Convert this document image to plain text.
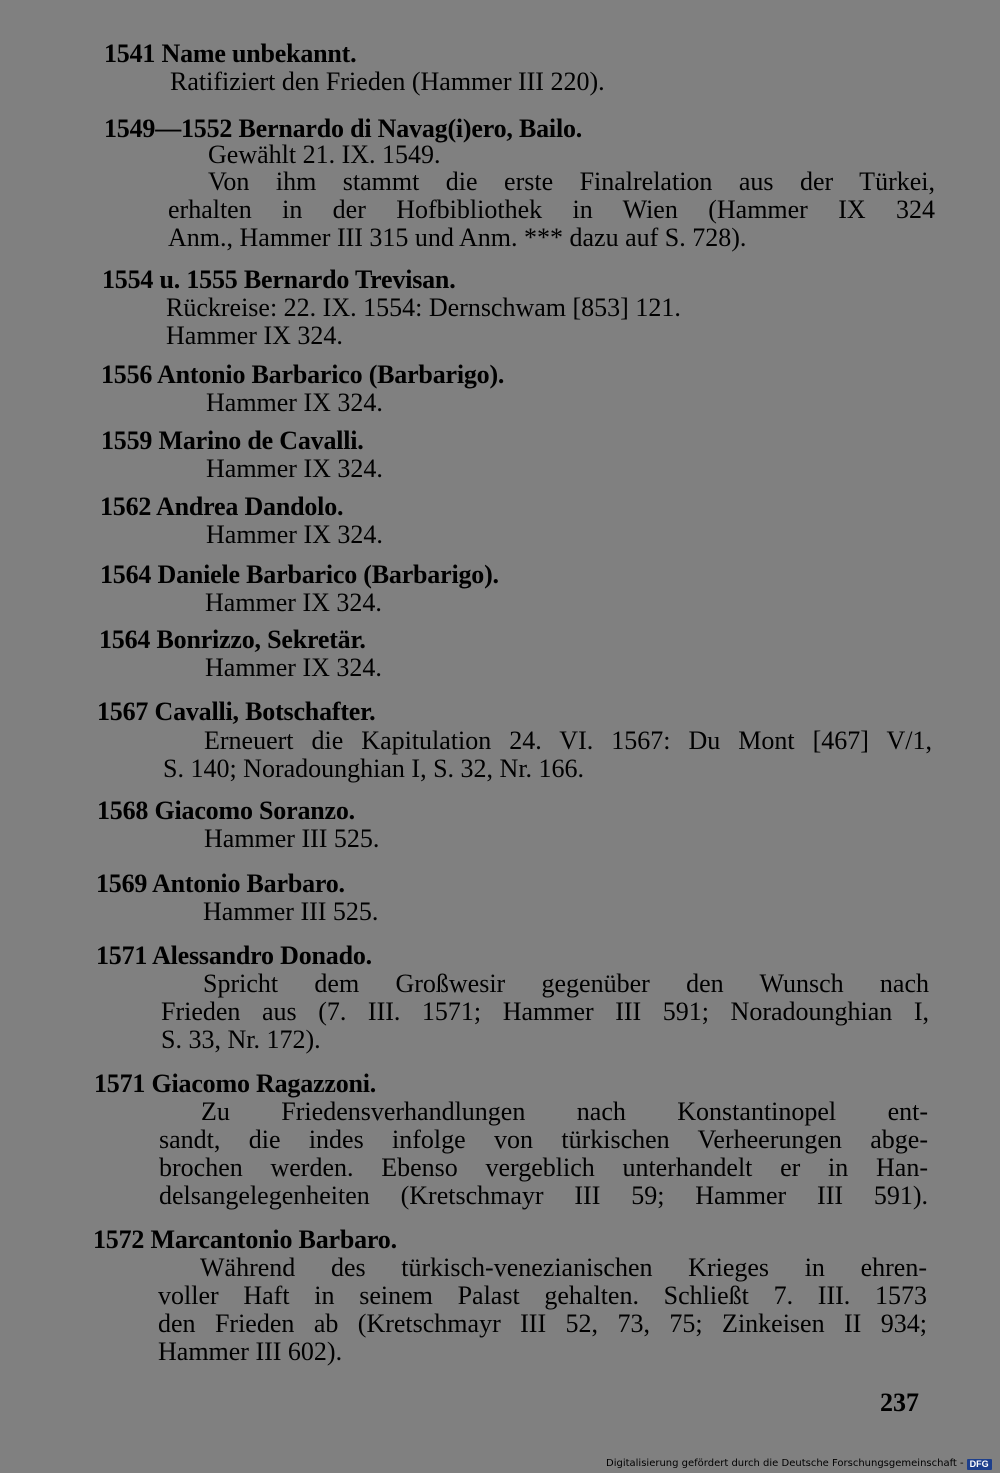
1541 Name unbekannt.
Ratifiziert den Frieden (Hammer III 220).
1549—1552 Bernardo di Navag(i)ero, Bailo.
Gewählt 21. IX. 1549.
Von ihm stammt die erste Finalrelation aus der Türkei,
erhalten in der Hofbibliothek in Wien (Hammer IX 324
Anm., Hammer III 315 und Anm. *** dazu auf S. 728).
1554 u. 1555 Bernardo Trevisan.
Rückreise: 22. IX. 1554: Dernschwam [853] 121.
Hammer IX 324.
1556 Antonio Barbarico (Barbarigo).
Hammer IX 324.
1559 Marino de Cavalli.
Hammer IX 324.
1562 Andrea Dandolo.
Hammer IX 324.
1564 Daniele Barbarico (Barbarigo).
Hammer IX 324.
1564 Bonrizzo, Sekretär.
Hammer IX 324.
1567 Cavalli, Botschafter.
Erneuert die Kapitulation 24. VI. 1567: Du Mont [467] V/1,
S. 140; Noradounghian I, S. 32, Nr. 166.
1568 Giacomo Soranzo.
Hammer III 525.
1569 Antonio Barbaro.
Hammer III 525.
1571 Alessandro Donado.
Spricht dem Großwesir gegenüber den Wunsch nach
Frieden aus (7. III. 1571; Hammer III 591; Noradounghian I,
S. 33, Nr. 172).
1571 Giacomo Ragazzoni.
Zu Friedensverhandlungen nach Konstantinopel ent-
sandt, die indes infolge von türkischen Verheerungen abge-
brochen werden. Ebenso vergeblich unterhandelt er in Han-
delsangelegenheiten (Kretschmayr III 59; Hammer III 591).
1572 Marcantonio Barbaro.
Während des türkisch-venezianischen Krieges in ehren-
voller Haft in seinem Palast gehalten. Schließt 7. III. 1573
den Frieden ab (Kretschmayr III 52, 73, 75; Zinkeisen II 934;
Hammer III 602).
237
Digitalisierung gefördert durch die Deutsche Forschungsgemeinschaft - DFG
